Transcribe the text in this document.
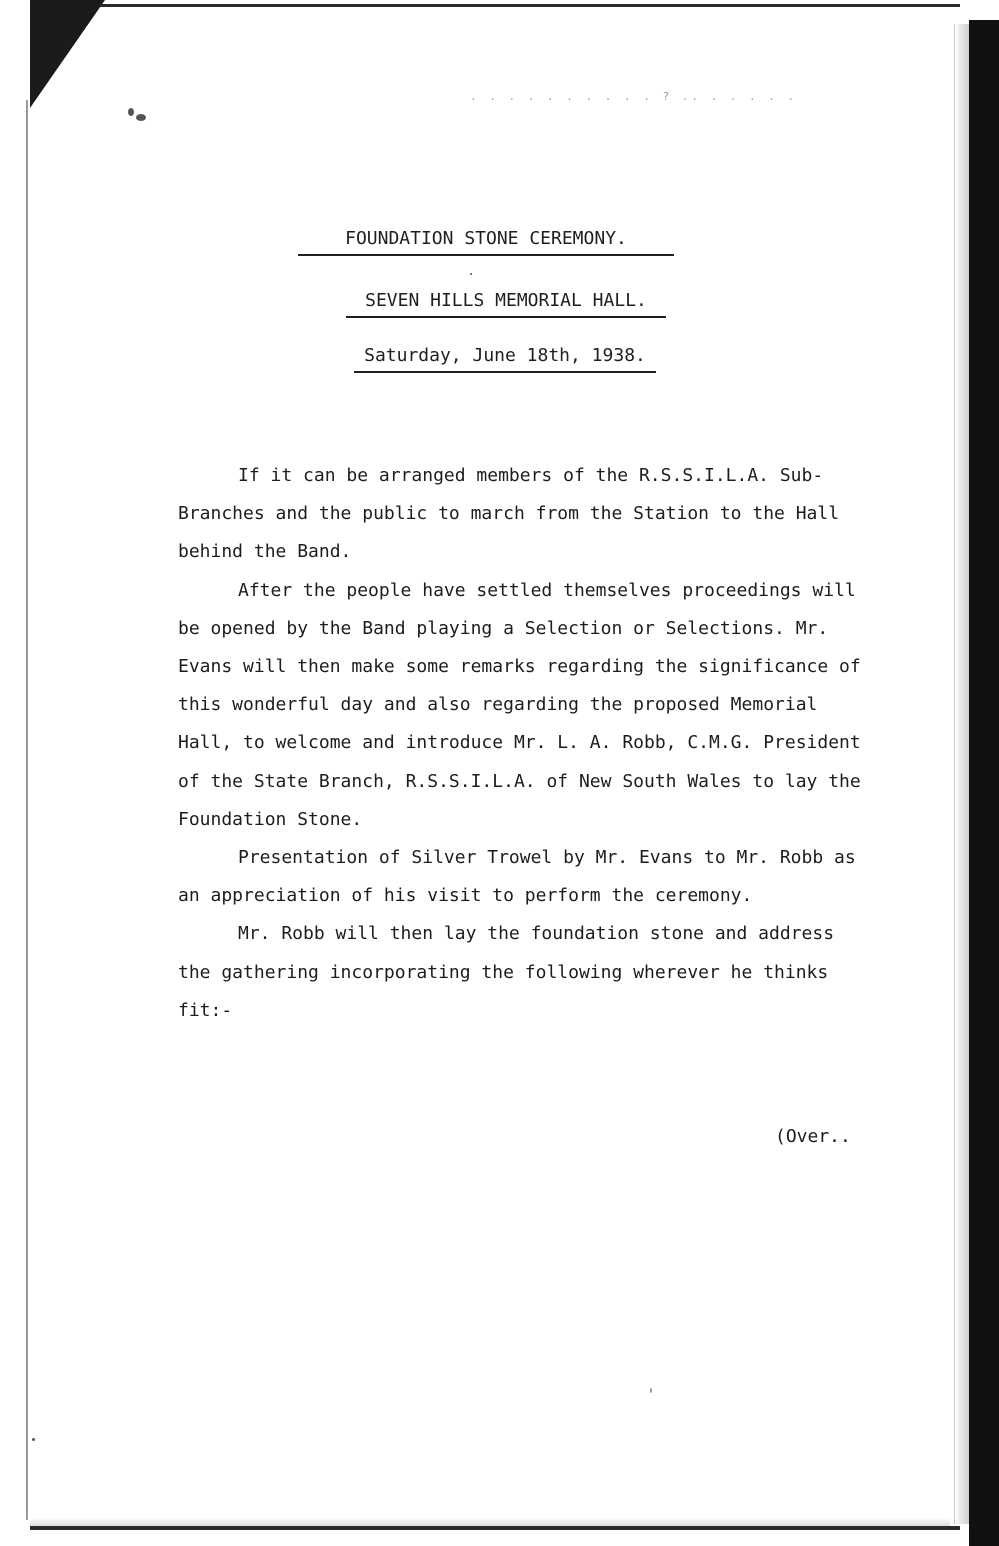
. . . . . . . . . . ? .. . . . . .
FOUNDATION STONE CEREMONY.
SEVEN HILLS MEMORIAL HALL.
Saturday, June 18th, 1938.

If it can be arranged members of the R.S.S.I.L.A. Sub-Branches and the public to march from the Station to the Hall behind the Band.

After the people have settled themselves proceedings will be opened by the Band playing a Selection or Selections. Mr. Evans will then make some remarks regarding the significance of this wonderful day and also regarding the proposed Memorial Hall, to welcome and introduce Mr. L. A. Robb, C.M.G. President of the State Branch, R.S.S.I.L.A. of New South Wales to lay the Foundation Stone.

Presentation of Silver Trowel by Mr. Evans to Mr. Robb as an appreciation of his visit to perform the ceremony.

Mr. Robb will then lay the foundation stone and address the gathering incorporating the following wherever he thinks fit:-

(Over..
